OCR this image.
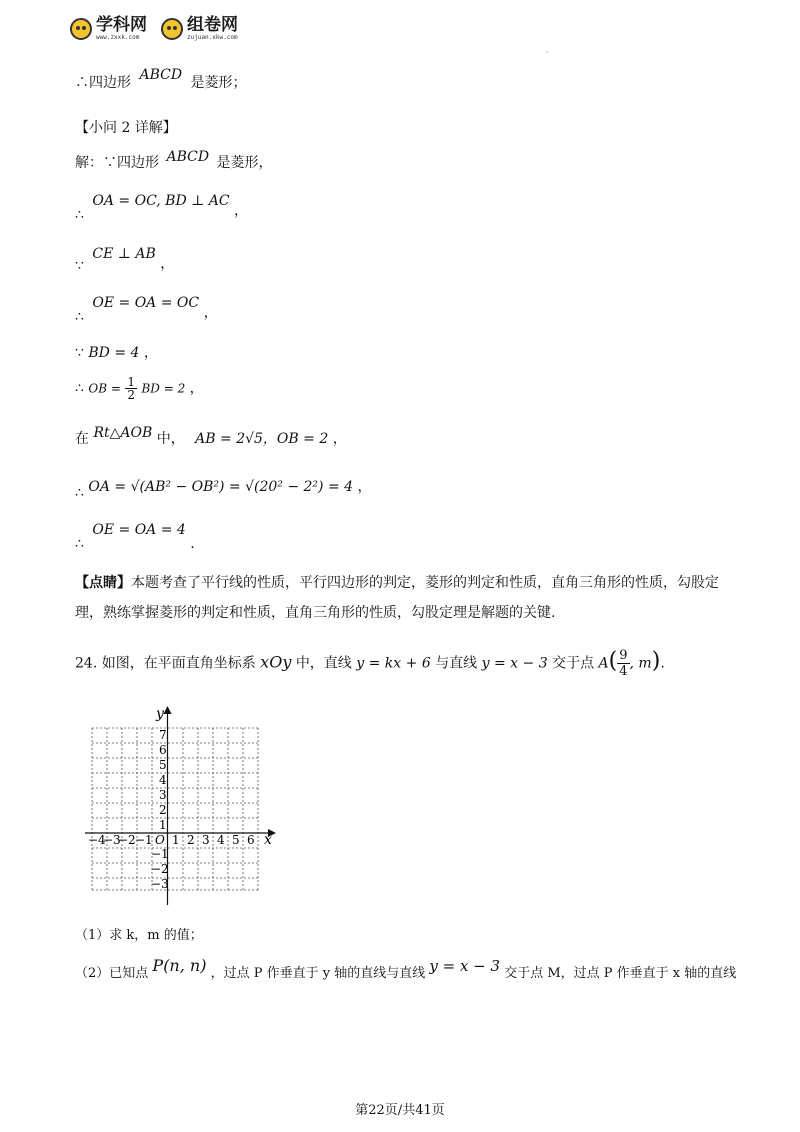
学科网
www.zxxk.com
组卷网
zujuan.xkw.com
·
∴四边形 ABCD 是菱形；
【小问 2 详解】
解：∵四边形 ABCD 是菱形，
∴ OA = OC, BD ⊥ AC ，
∵ CE ⊥ AB ，
∴ OE = OA = OC ，
∵ BD = 4 ，
∴ OB = $\frac{1}{2}$ BD = 2 ，
在 Rt△AOB 中， AB = 2√5，OB = 2 ，
∴ OA = √(AB² − OB²) = √(20² − 2²) = 4 ，
∴ OE = OA = 4 .
【点睛】本题考查了平行线的性质，平行四边形的判定，菱形的判定和性质，直角三角形的性质，勾股定理，熟练掌握菱形的判定和性质，直角三角形的性质，勾股定理是解题的关键.
24. 如图，在平面直角坐标系 xOy 中，直线 y = kx + 6 与直线 y = x − 3 交于点 $A( \frac{9}{4}$ , m).
x
y
O
−4
−3
−2 −1 1 2 3 4 5 6
1
2
3
4
5
6
7
−1
−2
−3
（1）求 k，m 的值；
（2）已知点 P(n, n) ，过点 P 作垂直于 y 轴的直线与直线 y = x − 3 交于点 M，过点 P 作垂直于 x 轴的直线
第22页/共41页
